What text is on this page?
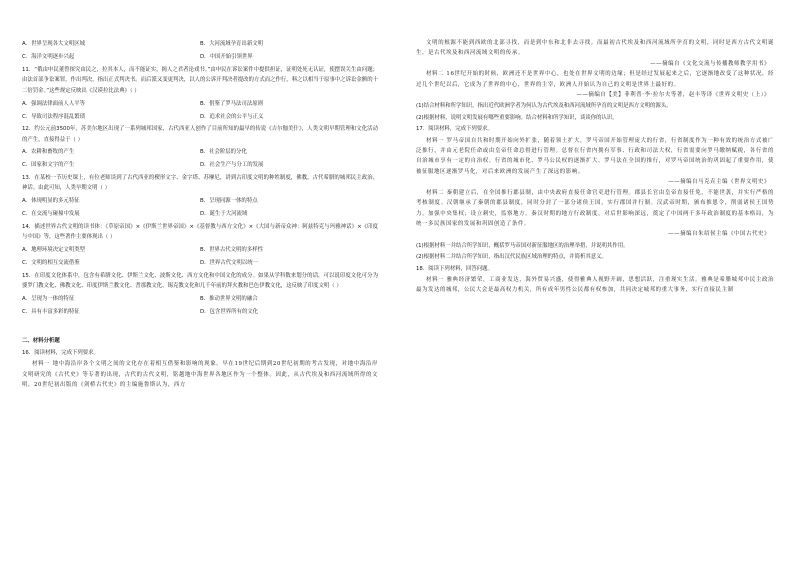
A．世界呈现各大文明区域	B．大河流域孕育出新文明
C．海洋文明逐步兴起	D．中国开始引领世界
11．“俄由申民董曾探究由民之，拉其本人，而不能证实，揭人之君者论戏书。”由申民在诉讼案件中提供担证，证明处死无认证，使摆误关生由问题；由法首部争讼案罪，作出判决，指出正式判决书。而后派又变更判决，以人的公诉开判决者提改的方式而之作行，料之以相当于原事中之诉讼金额的十二倍罚金。”这些规定反映出《汉谟拉比法典》（ ）
A．强调法律面前人人平等	B．借鉴了罗马法司法原则
C．导致司法程序混乱繁琐	D．追求社会的公平与正义
12．约公元前3500年，苏美尔地区出现了一系列城邦国家，古代西亚人创作了目前所知的最早的传说《吉尔伽美什》，人类文明早期管理和文化活动的产生，直接得益于（ ）
A．农耕和畜牧的产生	B．社会阶层的分化
C．国家和文字的产生	D．社会生产与分工的发展
13．在某校一节历史课上，有位老师谈到了古代西亚的楔形文字、金字塔、苏摩尼，讲到古印度文明的种姓制度，佛教，古代希腊的城邦民主政治、神话。由此可知，人类早期文明（ ）
A．体现明显的多元特征	B．呈现同源一体的特点
C．在交流与碰撞中发展	D．诞生于大河流域
14．描述世界古代文明的读书体：《草原帝国》×《伊斯兰世界帝国》×《基督教与西方文化》×《大国与新帝众神：阿兹特克与玛雅神话》×《印度与中国》等，这些著作主要体现出（ ）
A．地理环境决定文明类型	B．世界古代文明的多样性
C．文明的相互交流借鉴	D．世界古代文明以统一
15．在印度文化体系中，包含有希腊文化、伊斯兰文化、波斯文化、西方文化和中国文化的成分。如果从学科数来划分的话，可以说印度文化可分为婆罗门教文化、佛教文化、印度伊斯兰教文化、耆那教文化、锡克教文化和几千年前的拜火教和巴色伊教文化，这反映了印度文明（ ）
A．呈现为一体的特征	B．推动世界文明的融合
C．具有丰富多彩的特征	D．包含世界所有的文化
二、材料分析题
16．阅读材料，完成下列要求。
材料一 地中海沿岸各个文明之间的文化存在着相互借鉴和影响的现象。早在19世纪后期到20世纪初期的考古发现，对地中海沿岸文明研究的《古代史》等专著的出现，古代的古代文明，铭越地中海世界各地区作为一个整体。因此，从古代埃及和西河流域所得的文明，20世纪初出版的《剑桥古代史》的主编施鲁斯认为，西方
文明的根源不能到西欧的北部寻找，而是到中东和北非去寻找。而最初古代埃及和西河流域所孕育的文明，同时是西方古代文明诞生，是古代埃及和西河流域文明的传承。
——摘编自《文化交流与传播教师教学用书》
材料二 16世纪开始的时候，欧洲还不是世界中心，也处在世界文明的边缘；但是经过发展起来之后，它逐渐地改变了这种状况，经过几个世纪以后，它成为了世界的中心，世界的主宰，欧洲人开始认为自己的文明是世界上最好的。
——摘编自【美】菲利普·李·拉尔夫等著，赵丰等译《世界文明史（上）》
(1)结合材料和所学知识，指出近代欧洲学者为何认为古代埃及和西河流域所孕育的文明是西方文明的源头。
(2)根据材料，说明文明发展有哪些重要影响。结合材料和所学知识，谈谈你的认识。
17．阅读材料，完成下列要求。
材料一 罗马帝国自共和时期开始向外扩张，随着领土扩大，罗马帝国开始管理庞大的行省，行省制度作为一种有效的统治方式被广泛推行，并由元老院任命或由皇帝任命总督进行管理。总督在行省内拥有军事、行政和司法大权，行省需要向罗马缴纳赋税，各行省的自治城市享有一定的自治权。行省的城市化、罗马公民权的逐渐扩大，罗马法在全国的推行，对罗马帝国统治的巩固起了重要作用，使被征服地区逐渐罗马化，对后来欧洲的发展产生了深远的影响。
——摘编自马克垚主编《世界文明史》
材料二 秦朝建立后，在全国推行郡县制，由中央政府直接任命官吏进行管理。郡县长官由皇帝直接任免，不能世袭，并实行严格的考核制度。汉朝继承了秦朝的郡县制度，同时分封了一部分诸侯王国，实行郡国并行制。汉武帝时期，颁布推恩令，削弱诸侯王国势力，加强中央集权；设立刺史，监察地方。秦汉时期的地方行政制度，对后世影响深远，奠定了中国两千多年政治制度的基本格局，为统一多民族国家的发展和巩固创造了条件。
——摘编自朱绍侯主编《中国古代史》
(1)根据材料一并结合所学知识，概括罗马帝国对新征服地区的治理举措，并说明其作用。
(2)根据材料二并结合所学知识，指出汉代民族区域治理的特点，并简析其意义。
18．阅读下列材料，回答问题。
材料一 雅典经济繁荣，工商业发达，海外贸易兴盛，使得雅典人视野开阔，思想活跃，注重现实生活。雅典是希腊城邦中民主政治最为发达的城邦，公民大会是最高权力机关，所有成年男性公民都有权参加，共同决定城邦的重大事务，实行直接民主制
